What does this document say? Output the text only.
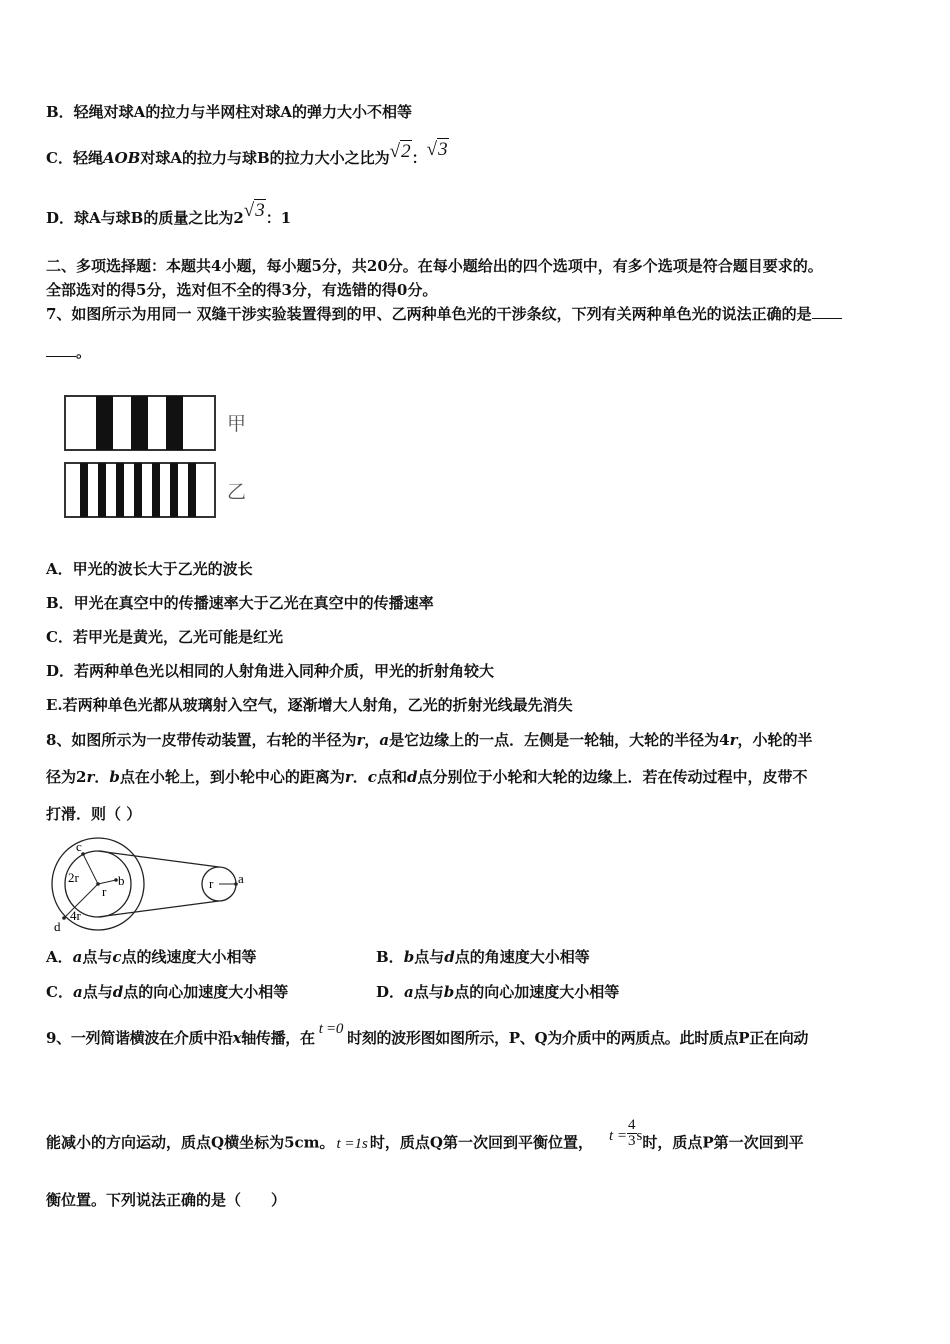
B．轻绳对球A的拉力与半网柱对球A的弹力大小不相等
C．轻绳AOB对球A的拉力与球B的拉力大小之比为√2：√3
D．球A与球B的质量之比为2√3：1
二、多项选择题：本题共4小题，每小题5分，共20分。在每小题给出的四个选项中，有多个选项是符合题目要求的。
全部选对的得5分，选对但不全的得3分，有选错的得0分。
7、如图所示为用同一 双缝干涉实验装置得到的甲、乙两种单色光的干涉条纹，下列有关两种单色光的说法正确的是
。
甲
乙
A．甲光的波长大于乙光的波长
B．甲光在真空中的传播速率大于乙光在真空中的传播速率
C．若甲光是黄光，乙光可能是红光
D．若两种单色光以相同的人射角进入同种介质，甲光的折射角较大
E.若两种单色光都从玻璃射入空气，逐渐增大人射角，乙光的折射光线最先消失
8、如图所示为一皮带传动装置，右轮的半径为r，a是它边缘上的一点．左侧是一轮轴，大轮的半径为4r，小轮的半
径为2r．b点在小轮上，到小轮中心的距离为r．c点和d点分别位于小轮和大轮的边缘上．若在传动过程中，皮带不
打滑．则（ ）
c
b
2r
r
d
4r
r a
A．a点与c点的线速度大小相等	B．b点与d点的角速度大小相等
C．a点与d点的向心加速度大小相等	D．a点与b点的向心加速度大小相等
9、一列简谐横波在介质中沿x轴传播，在 t =0 时刻的波形图如图所示，P、Q为介质中的两质点。此时质点P正在向动
能减小的方向运动，质点Q横坐标为5cm。 t =1s 时，质点Q第一次回到平衡位置， $t = \frac{4}{3}$ s时，质点P第一次回到平
衡位置。下列说法正确的是（　　）
